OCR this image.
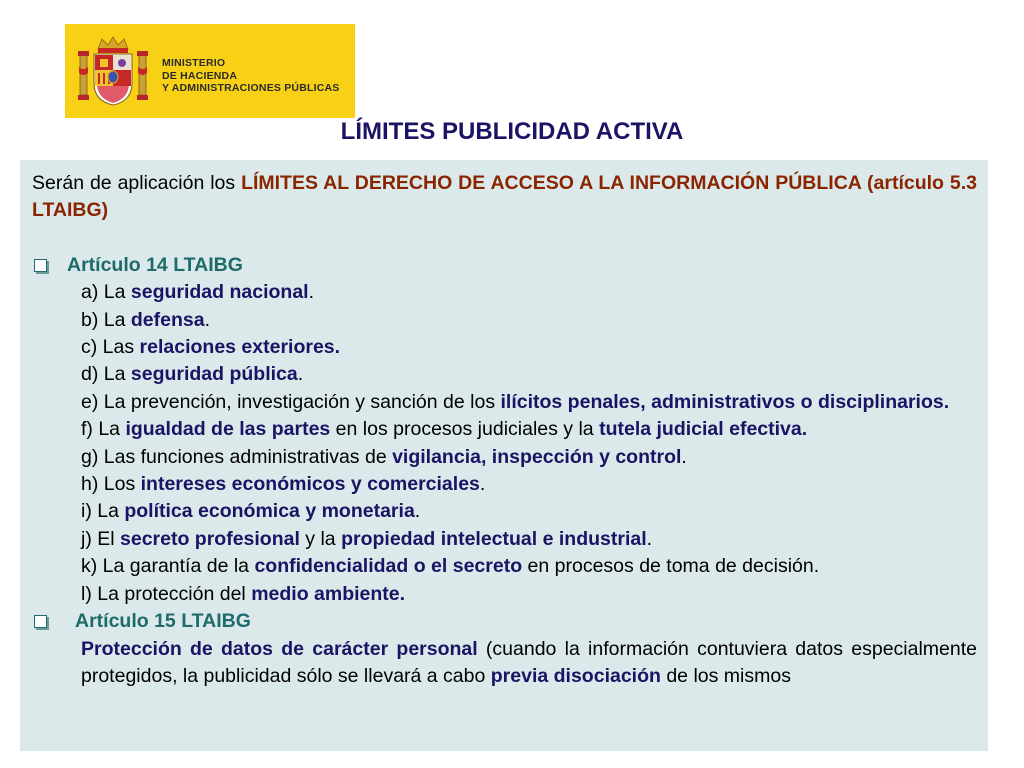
MINISTERIO
DE HACIENDA
Y ADMINISTRACIONES PÚBLICAS
LÍMITES PUBLICIDAD ACTIVA
Serán de aplicación los LÍMITES AL DERECHO DE ACCESO A LA INFORMACIÓN PÚBLICA (artículo 5.3 LTAIBG)
Artículo 14 LTAIBG
a) La seguridad nacional.
b) La defensa.
c) Las relaciones exteriores.
d) La seguridad pública.
e) La prevención, investigación y sanción de los ilícitos penales, administrativos o disciplinarios.
f) La igualdad de las partes en los procesos judiciales y la tutela judicial efectiva.
g) Las funciones administrativas de vigilancia, inspección y control.
h) Los intereses económicos y comerciales.
i) La política económica y monetaria.
j) El secreto profesional y la propiedad intelectual e industrial.
k) La garantía de la confidencialidad o el secreto en procesos de toma de decisión.
l) La protección del medio ambiente.
Artículo 15 LTAIBG
Protección de datos de carácter personal (cuando la información contuviera datos especialmente protegidos, la publicidad sólo se llevará a cabo previa disociación de los mismos
